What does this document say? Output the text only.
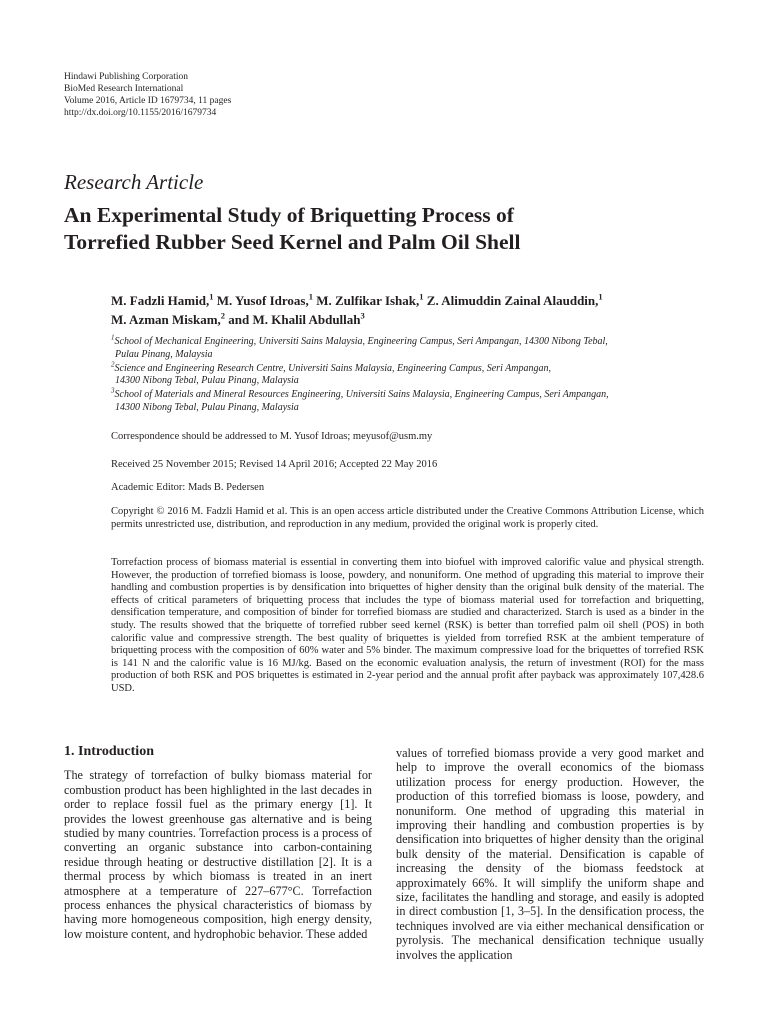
Hindawi Publishing Corporation
BioMed Research International
Volume 2016, Article ID 1679734, 11 pages
http://dx.doi.org/10.1155/2016/1679734
Research Article
An Experimental Study of Briquetting Process of
Torrefied Rubber Seed Kernel and Palm Oil Shell
M. Fadzli Hamid,$^1$ M. Yusof Idroas,$^1$ M. Zulfikar Ishak,$^1$ Z. Alimuddin Zainal Alauddin,$^1$
M. Azman Miskam,$^2$ and M. Khalil Abdullah$^3$
$^1$School of Mechanical Engineering, Universiti Sains Malaysia, Engineering Campus, Seri Ampangan, 14300 Nibong Tebal,
Pulau Pinang, Malaysia
$^2$Science and Engineering Research Centre, Universiti Sains Malaysia, Engineering Campus, Seri Ampangan,
14300 Nibong Tebal, Pulau Pinang, Malaysia
$^3$School of Materials and Mineral Resources Engineering, Universiti Sains Malaysia, Engineering Campus, Seri Ampangan,
14300 Nibong Tebal, Pulau Pinang, Malaysia
Correspondence should be addressed to M. Yusof Idroas; meyusof@usm.my
Received 25 November 2015; Revised 14 April 2016; Accepted 22 May 2016
Academic Editor: Mads B. Pedersen
Copyright © 2016 M. Fadzli Hamid et al. This is an open access article distributed under the Creative Commons Attribution License, which permits unrestricted use, distribution, and reproduction in any medium, provided the original work is properly cited.
Torrefaction process of biomass material is essential in converting them into biofuel with improved calorific value and physical strength. However, the production of torrefied biomass is loose, powdery, and nonuniform. One method of upgrading this material to improve their handling and combustion properties is by densification into briquettes of higher density than the original bulk density of the material. The effects of critical parameters of briquetting process that includes the type of biomass material used for torrefaction and briquetting, densification temperature, and composition of binder for torrefied biomass are studied and characterized. Starch is used as a binder in the study. The results showed that the briquette of torrefied rubber seed kernel (RSK) is better than torrefied palm oil shell (POS) in both calorific value and compressive strength. The best quality of briquettes is yielded from torrefied RSK at the ambient temperature of briquetting process with the composition of 60% water and 5% binder. The maximum compressive load for the briquettes of torrefied RSK is 141 N and the calorific value is 16 MJ/kg. Based on the economic evaluation analysis, the return of investment (ROI) for the mass production of both RSK and POS briquettes is estimated in 2-year period and the annual profit after payback was approximately 107,428.6 USD.
1. Introduction

The strategy of torrefaction of bulky biomass material for combustion product has been highlighted in the last decades in order to replace fossil fuel as the primary energy [1]. It provides the lowest greenhouse gas alternative and is being studied by many countries. Torrefaction process is a process of converting an organic substance into carbon-containing residue through heating or destructive distillation [2]. It is a thermal process by which biomass is treated in an inert atmosphere at a temperature of 227–677°C. Torrefaction process enhances the physical characteristics of biomass by having more homogeneous composition, high energy density, low moisture content, and hydrophobic behavior. These added

values of torrefied biomass provide a very good market and help to improve the overall economics of the biomass utilization process for energy production. However, the production of this torrefied biomass is loose, powdery, and nonuniform. One method of upgrading this material in improving their handling and combustion properties is by densification into briquettes of higher density than the original bulk density of the material. Densification is capable of increasing the density of the biomass feedstock at approximately 66%. It will simplify the uniform shape and size, facilitates the handling and storage, and easily is adopted in direct combustion [1, 3–5]. In the densification process, the techniques involved are via either mechanical densification or pyrolysis. The mechanical densification technique usually involves the application
